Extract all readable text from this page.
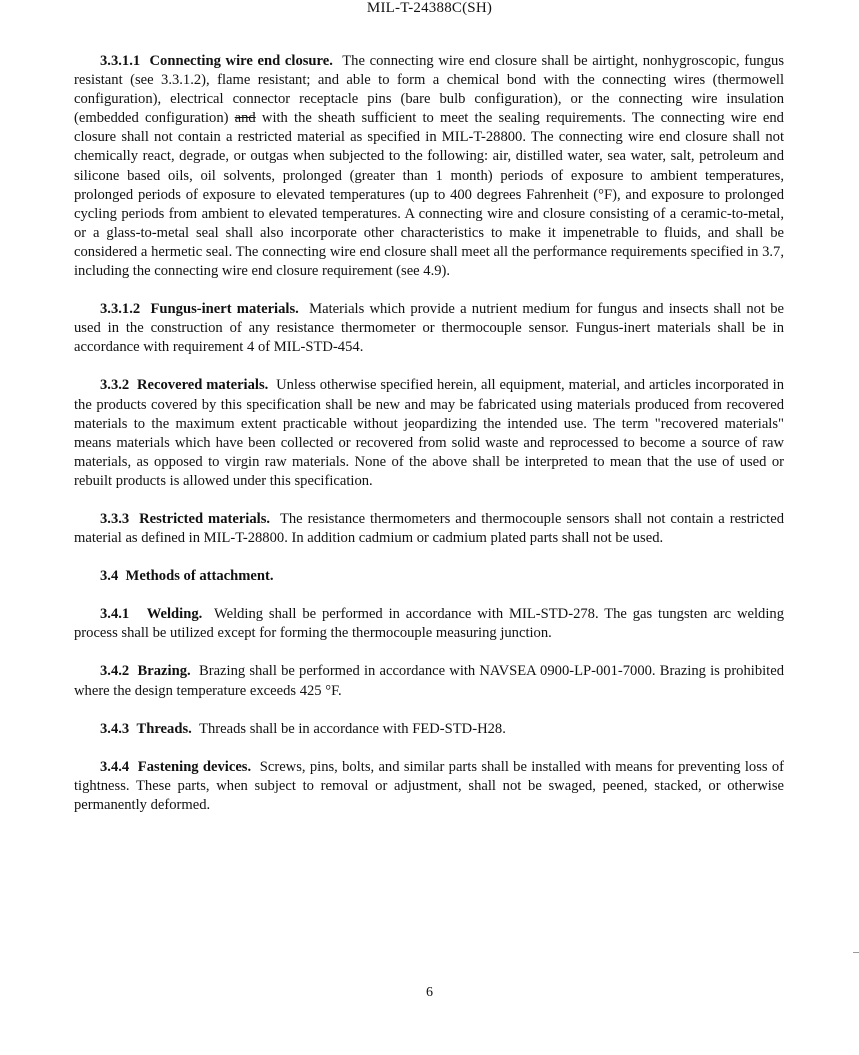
MIL-T-24388C(SH)

3.3.1.1 Connecting wire end closure. The connecting wire end closure shall be airtight, nonhygroscopic, fungus resistant (see 3.3.1.2), flame resistant; and able to form a chemical bond with the connecting wires (thermowell configuration), electrical connector receptacle pins (bare bulb configuration), or the connecting wire insulation (embedded configuration) and with the sheath sufficient to meet the sealing requirements. The connecting wire end closure shall not contain a restricted material as specified in MIL-T-28800. The connecting wire end closure shall not chemically react, degrade, or outgas when subjected to the following: air, distilled water, sea water, salt, petroleum and silicone based oils, oil solvents, prolonged (greater than 1 month) periods of exposure to ambient temperatures, prolonged periods of exposure to elevated temperatures (up to 400 degrees Fahrenheit (°F), and exposure to prolonged cycling periods from ambient to elevated temperatures. A connecting wire and closure consisting of a ceramic-to-metal, or a glass-to-metal seal shall also incorporate other characteristics to make it impenetrable to fluids, and shall be considered a hermetic seal. The connecting wire end closure shall meet all the performance requirements specified in 3.7, including the connecting wire end closure requirement (see 4.9).

3.3.1.2 Fungus-inert materials. Materials which provide a nutrient medium for fungus and insects shall not be used in the construction of any resistance thermometer or thermocouple sensor. Fungus-inert materials shall be in accordance with requirement 4 of MIL-STD-454.

3.3.2 Recovered materials. Unless otherwise specified herein, all equipment, material, and articles incorporated in the products covered by this specification shall be new and may be fabricated using materials produced from recovered materials to the maximum extent practicable without jeopardizing the intended use. The term "recovered materials" means materials which have been collected or recovered from solid waste and reprocessed to become a source of raw materials, as opposed to virgin raw materials. None of the above shall be interpreted to mean that the use of used or rebuilt products is allowed under this specification.

3.3.3 Restricted materials. The resistance thermometers and thermocouple sensors shall not contain a restricted material as defined in MIL-T-28800. In addition cadmium or cadmium plated parts shall not be used.

3.4 Methods of attachment.

3.4.1 Welding. Welding shall be performed in accordance with MIL-STD-278. The gas tungsten arc welding process shall be utilized except for forming the thermocouple measuring junction.

3.4.2 Brazing. Brazing shall be performed in accordance with NAVSEA 0900-LP-001-7000. Brazing is prohibited where the design temperature exceeds 425 °F.

3.4.3 Threads. Threads shall be in accordance with FED-STD-H28.

3.4.4 Fastening devices. Screws, pins, bolts, and similar parts shall be installed with means for preventing loss of tightness. These parts, when subject to removal or adjustment, shall not be swaged, peened, stacked, or otherwise permanently deformed.

6
